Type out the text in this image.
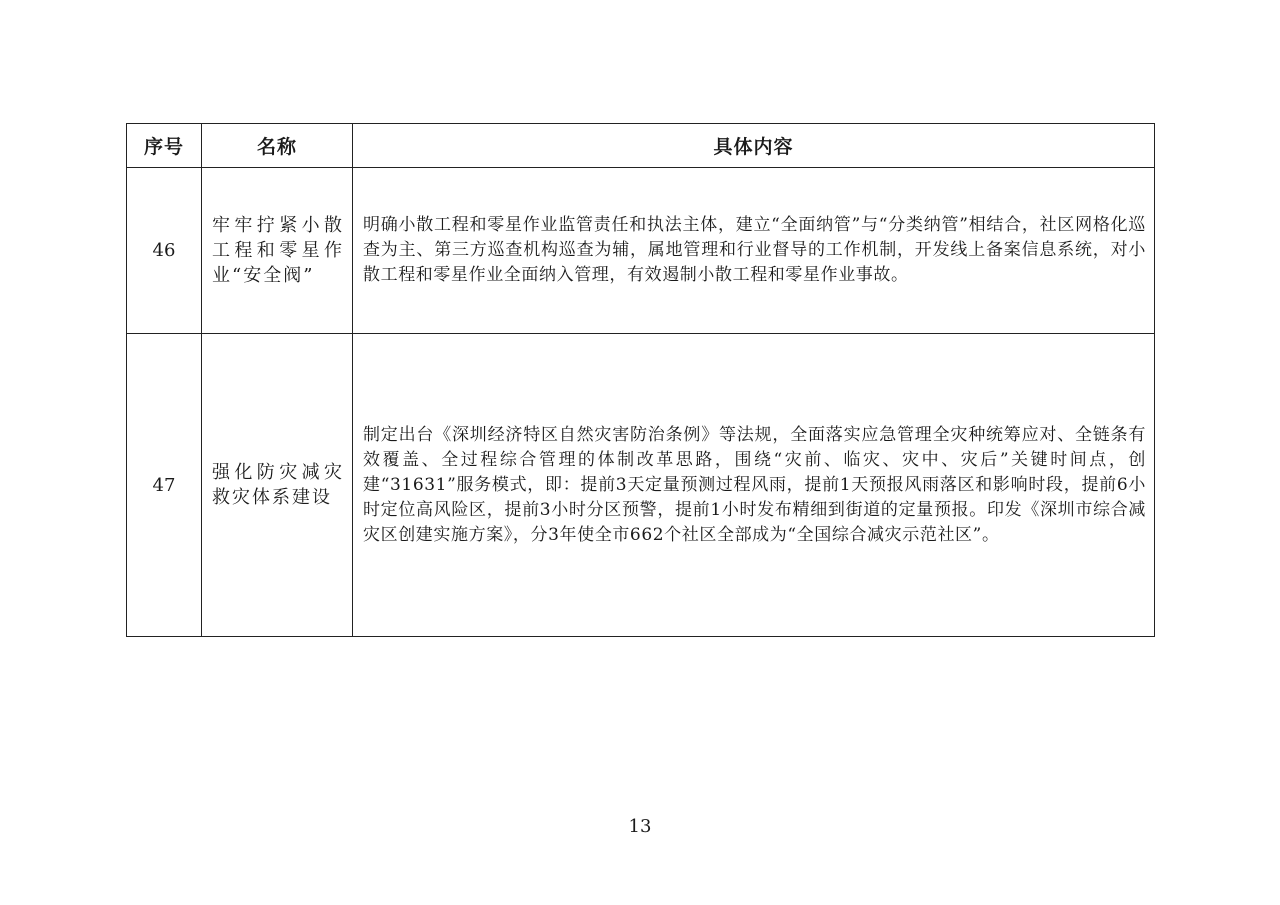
序号	名称	具体内容
46	牢牢拧紧小散工程和零星作业“安全阀”	明确小散工程和零星作业监管责任和执法主体，建立“全面纳管”与“分类纳管”相结合，社区网格化巡查为主、第三方巡查机构巡查为辅，属地管理和行业督导的工作机制，开发线上备案信息系统，对小散工程和零星作业全面纳入管理，有效遏制小散工程和零星作业事故。
47	强化防灾减灾救灾体系建设	制定出台《深圳经济特区自然灾害防治条例》等法规，全面落实应急管理全灾种统筹应对、全链条有效覆盖、全过程综合管理的体制改革思路，围绕“灾前、临灾、灾中、灾后”关键时间点，创建“31631”服务模式，即：提前3天定量预测过程风雨，提前1天预报风雨落区和影响时段，提前6小时定位高风险区，提前3小时分区预警，提前1小时发布精细到街道的定量预报。印发《深圳市综合减灾区创建实施方案》，分3年使全市662个社区全部成为“全国综合减灾示范社区”。
13
